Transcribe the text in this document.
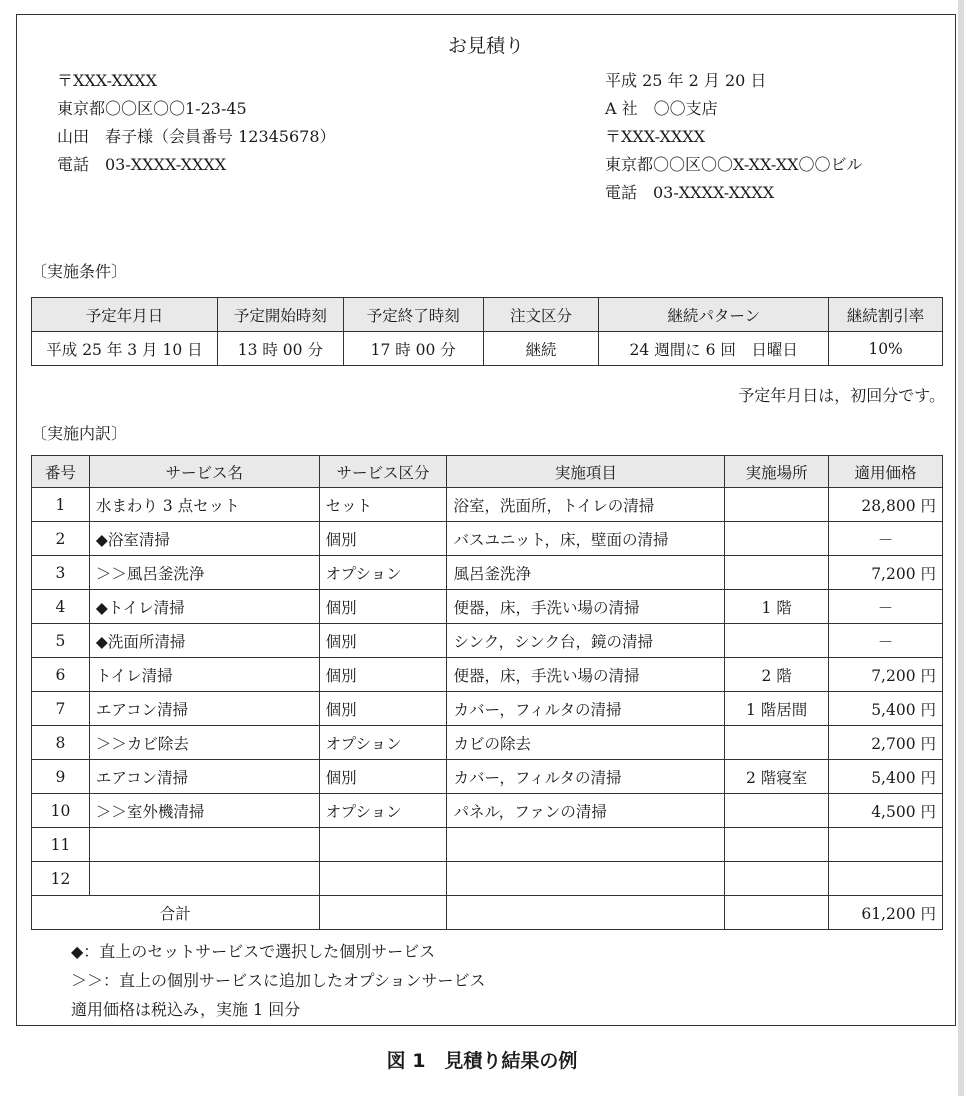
お見積り
〒XXX-XXXX
東京都〇〇区〇〇1-23-45
山田　春子様（会員番号 12345678）
電話　03-XXXX-XXXX
平成 25 年 2 月 20 日
A 社　〇〇支店
〒XXX-XXXX
東京都〇〇区〇〇X-XX-XX〇〇ビル
電話　03-XXXX-XXXX
〔実施条件〕
予定年月日	予定開始時刻	予定終了時刻	注文区分	継続パターン	継続割引率
平成 25 年 3 月 10 日	13 時 00 分	17 時 00 分	継続	24 週間に 6 回　日曜日	10%
予定年月日は，初回分です。
〔実施内訳〕
番号	サービス名	サービス区分	実施項目	実施場所	適用価格
1	水まわり 3 点セット	セット	浴室，洗面所，トイレの清掃		28,800 円
2	◆浴室清掃	個別	バスユニット，床，壁面の清掃		－
3	＞＞風呂釜洗浄	オプション	風呂釜洗浄		7,200 円
4	◆トイレ清掃	個別	便器，床，手洗い場の清掃	1 階	－
5	◆洗面所清掃	個別	シンク，シンク台，鏡の清掃		－
6	トイレ清掃	個別	便器，床，手洗い場の清掃	2 階	7,200 円
7	エアコン清掃	個別	カバー，フィルタの清掃	1 階居間	5,400 円
8	＞＞カビ除去	オプション	カビの除去		2,700 円
9	エアコン清掃	個別	カバー，フィルタの清掃	2 階寝室	5,400 円
10	＞＞室外機清掃	オプション	パネル，ファンの清掃		4,500 円
11					
12					
合計					61,200 円
◆：直上のセットサービスで選択した個別サービス
＞＞：直上の個別サービスに追加したオプションサービス
適用価格は税込み，実施 1 回分
図 1　見積り結果の例
